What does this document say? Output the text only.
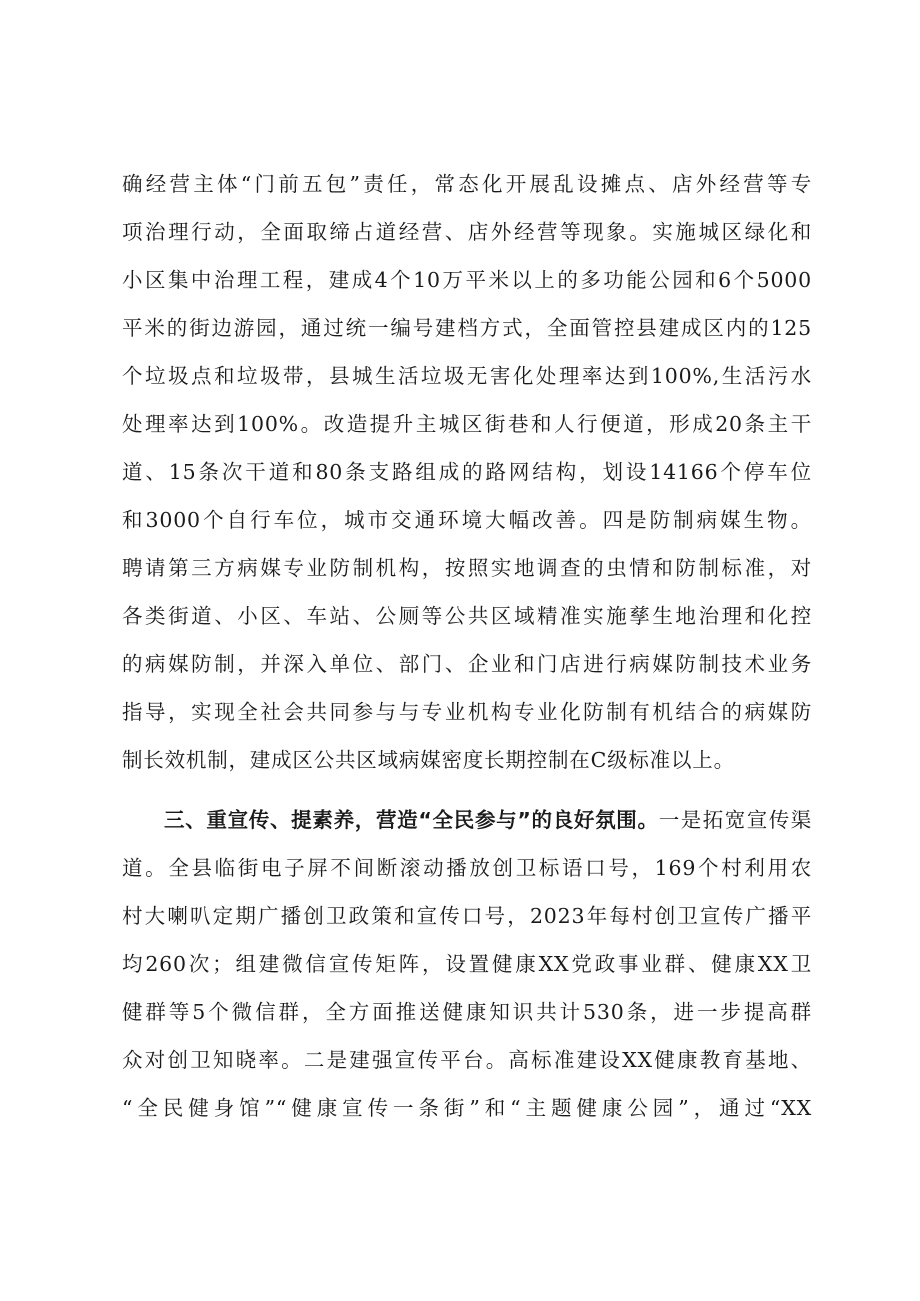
确经营主体“门前五包”责任，常态化开展乱设摊点、店外经营等专
项治理行动，全面取缔占道经营、店外经营等现象。实施城区绿化和
小区集中治理工程，建成4个10万平米以上的多功能公园和6个5000
平米的街边游园，通过统一编号建档方式，全面管控县建成区内的125
个垃圾点和垃圾带，县城生活垃圾无害化处理率达到100%,生活污水
处理率达到100%。改造提升主城区街巷和人行便道，形成20条主干
道、15条次干道和80条支路组成的路网结构，划设14166个停车位
和3000个自行车位，城市交通环境大幅改善。四是防制病媒生物。
聘请第三方病媒专业防制机构，按照实地调查的虫情和防制标准，对
各类街道、小区、车站、公厕等公共区域精准实施孳生地治理和化控
的病媒防制，并深入单位、部门、企业和门店进行病媒防制技术业务
指导，实现全社会共同参与与专业机构专业化防制有机结合的病媒防
制长效机制，建成区公共区域病媒密度长期控制在C级标准以上。
三、重宣传、提素养，营造“全民参与”的良好氛围。一是拓宽宣传渠
道。全县临街电子屏不间断滚动播放创卫标语口号，169个村利用农
村大喇叭定期广播创卫政策和宣传口号，2023年每村创卫宣传广播平
均260次；组建微信宣传矩阵，设置健康XX党政事业群、健康XX卫
健群等5个微信群，全方面推送健康知识共计530条，进一步提高群
众对创卫知晓率。二是建强宣传平台。高标准建设XX健康教育基地、
“全民健身馆”“健康宣传一条街”和“主题健康公园”，通过“XX
